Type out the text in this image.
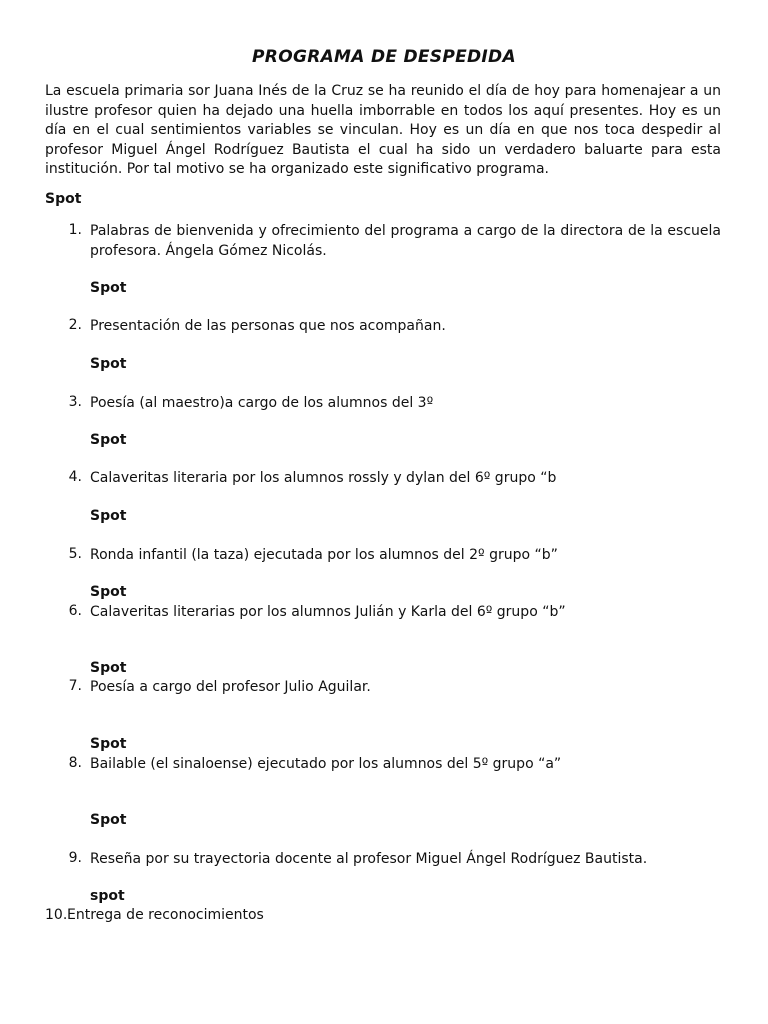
PROGRAMA DE DESPEDIDA

La escuela primaria sor Juana Inés de la Cruz se ha reunido el día de hoy para homenajear a un ilustre profesor quien ha dejado una huella imborrable en todos los aquí presentes. Hoy es un día en el cual sentimientos variables se vinculan. Hoy es un día en que nos toca despedir al profesor Miguel Ángel Rodríguez Bautista el cual ha sido un verdadero baluarte para esta institución. Por tal motivo se ha organizado este significativo programa.

Spot
1. Palabras de bienvenida y ofrecimiento del programa a cargo de la directora de la escuela profesora. Ángela Gómez Nicolás.
Spot
2. Presentación de las personas que nos acompañan.
Spot
3. Poesía (al maestro)a cargo de los alumnos del 3º
Spot
4. Calaveritas literaria por los alumnos rossly y dylan del 6º grupo “b
Spot
5. Ronda infantil (la taza) ejecutada por los alumnos del 2º grupo “b”
Spot
6. Calaveritas literarias por los alumnos Julián y Karla del 6º grupo “b”
Spot
7. Poesía a cargo del profesor Julio Aguilar.
Spot
8. Bailable (el sinaloense) ejecutado por los alumnos del 5º grupo “a”
Spot
9. Reseña por su trayectoria docente al profesor Miguel Ángel Rodríguez Bautista.
spot
10.Entrega de reconocimientos
